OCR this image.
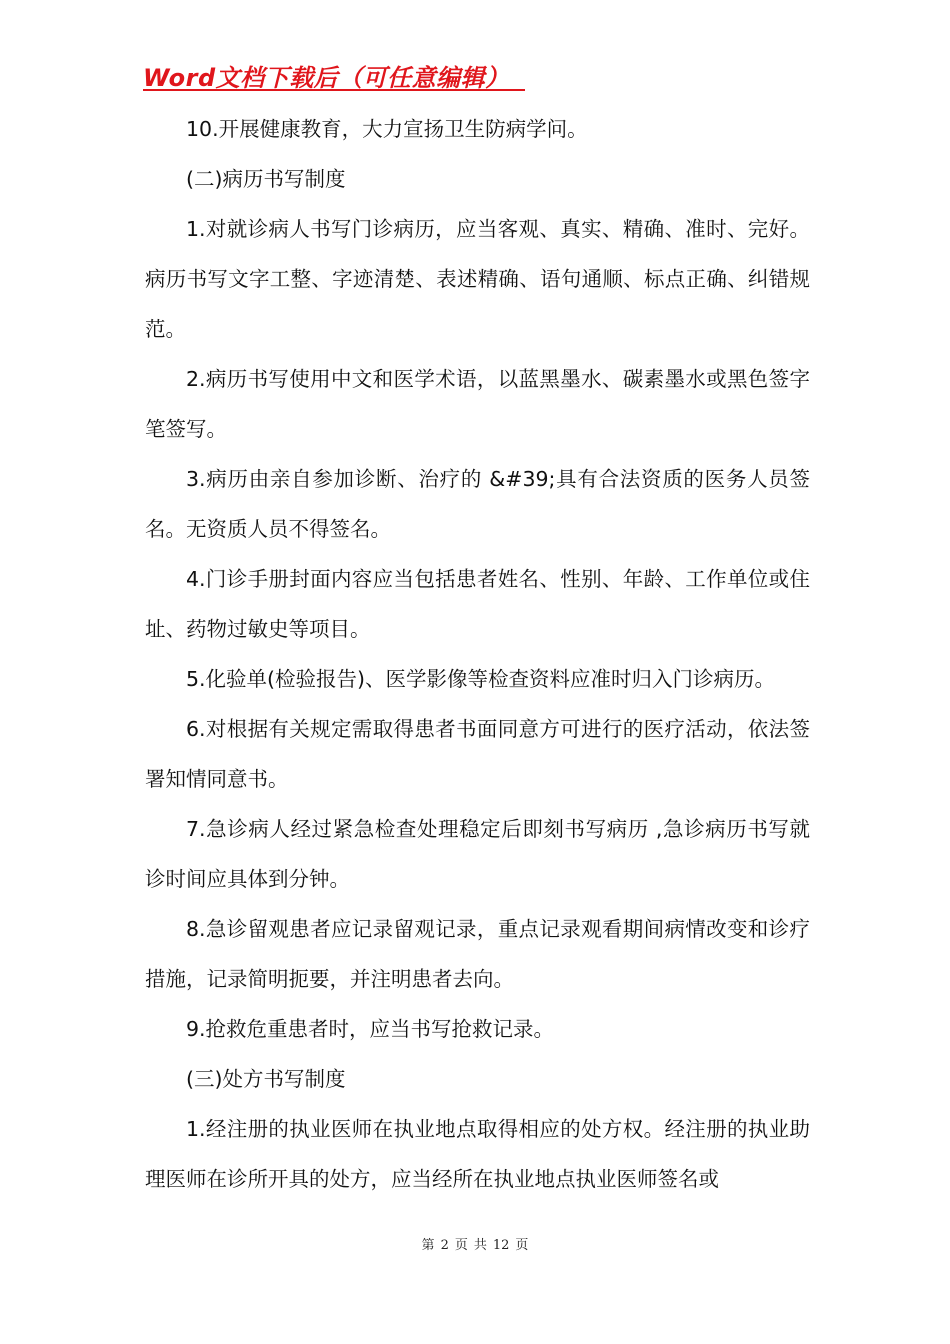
Word文档下载后（可任意编辑）

10.开展健康教育，大力宣扬卫生防病学问。

(二)病历书写制度

1.对就诊病人书写门诊病历，应当客观、真实、精确、准时、完好。病历书写文字工整、字迹清楚、表述精确、语句通顺、标点正确、纠错规范。

2.病历书写使用中文和医学术语，以蓝黑墨水、碳素墨水或黑色签字笔签写。

3.病历由亲自参加诊断、治疗的 &#39;具有合法资质的医务人员签名。无资质人员不得签名。

4.门诊手册封面内容应当包括患者姓名、性别、年龄、工作单位或住址、药物过敏史等项目。

5.化验单(检验报告)、医学影像等检查资料应准时归入门诊病历。

6.对根据有关规定需取得患者书面同意方可进行的医疗活动，依法签署知情同意书。

7.急诊病人经过紧急检查处理稳定后即刻书写病历 ,急诊病历书写就诊时间应具体到分钟。

8.急诊留观患者应记录留观记录，重点记录观看期间病情改变和诊疗措施，记录简明扼要，并注明患者去向。

9.抢救危重患者时，应当书写抢救记录。

(三)处方书写制度

1.经注册的执业医师在执业地点取得相应的处方权。经注册的执业助理医师在诊所开具的处方，应当经所在执业地点执业医师签名或

第 2 页 共 12 页
